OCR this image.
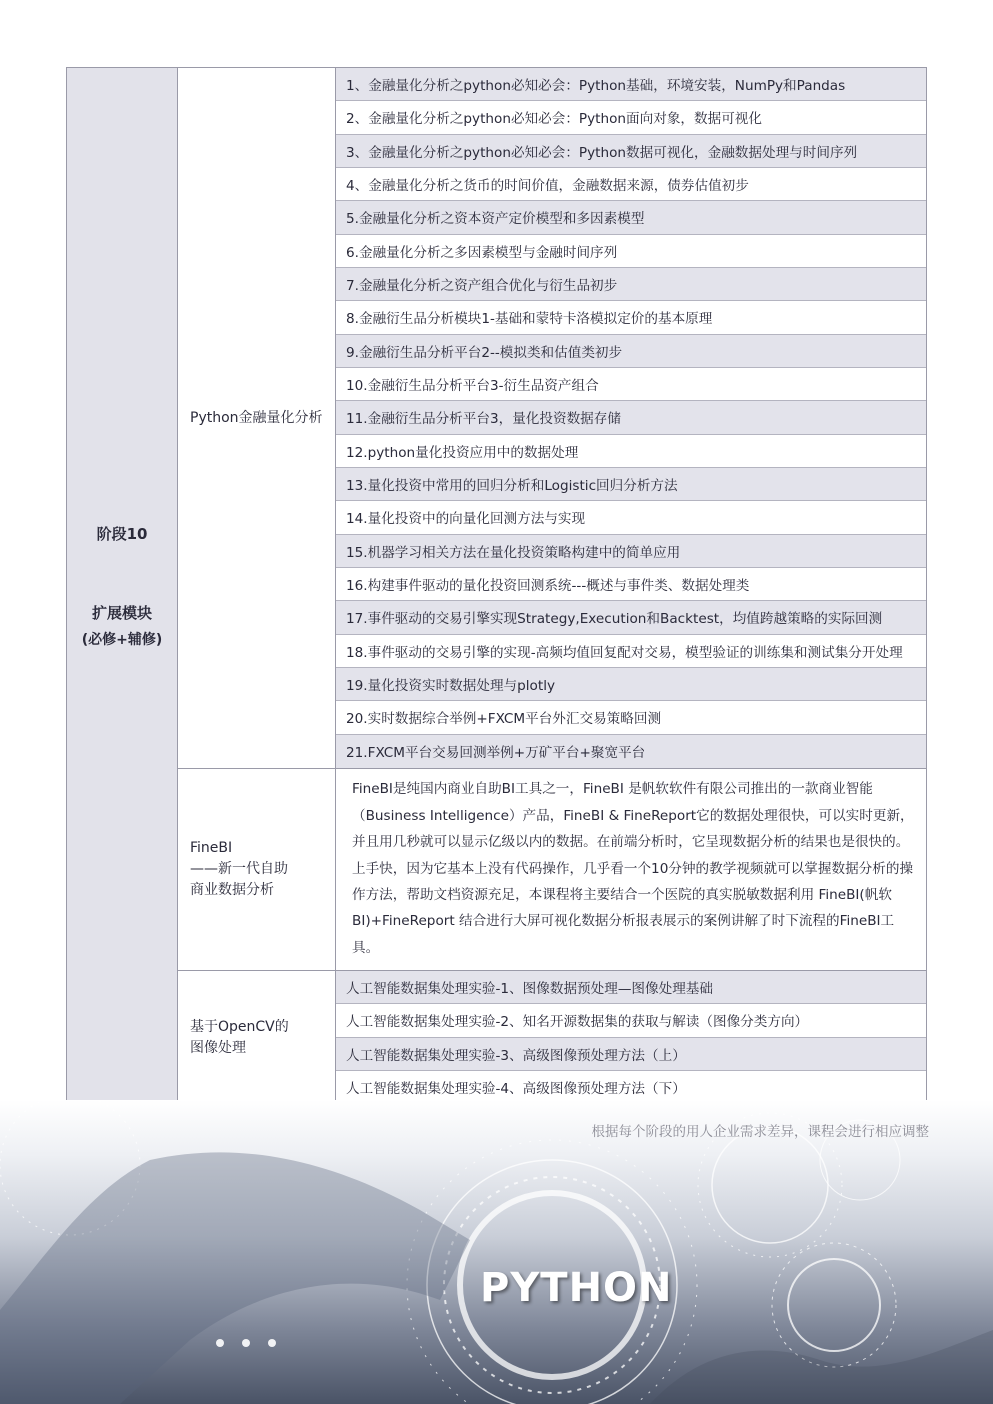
阶段10
扩展模块
(必修+辅修)
Python金融量化分析
1、金融量化分析之python必知必会：Python基础，环境安装，NumPy和Pandas
2、金融量化分析之python必知必会：Python面向对象，数据可视化
3、金融量化分析之python必知必会：Python数据可视化，金融数据处理与时间序列
4、金融量化分析之货币的时间价值，金融数据来源，债券估值初步
5.金融量化分析之资本资产定价模型和多因素模型
6.金融量化分析之多因素模型与金融时间序列
7.金融量化分析之资产组合优化与衍生品初步
8.金融衍生品分析模块1-基础和蒙特卡洛模拟定价的基本原理
9.金融衍生品分析平台2--模拟类和估值类初步
10.金融衍生品分析平台3-衍生品资产组合
11.金融衍生品分析平台3，量化投资数据存储
12.python量化投资应用中的数据处理
13.量化投资中常用的回归分析和Logistic回归分析方法
14.量化投资中的向量化回测方法与实现
15.机器学习相关方法在量化投资策略构建中的简单应用
16.构建事件驱动的量化投资回测系统---概述与事件类、数据处理类
17.事件驱动的交易引擎实现Strategy,Execution和Backtest，均值跨越策略的实际回测
18.事件驱动的交易引擎的实现-高频均值回复配对交易，模型验证的训练集和测试集分开处理
19.量化投资实时数据处理与plotly
20.实时数据综合举例+FXCM平台外汇交易策略回测
21.FXCM平台交易回测举例+万矿平台+聚宽平台
FineBI
——新一代自助
商业数据分析
FineBI是纯国内商业自助BI工具之一，FineBI 是帆软软件有限公司推出的一款商业智能（Business Intelligence）产品，FineBI & FineReport它的数据处理很快，可以实时更新，并且用几秒就可以显示亿级以内的数据。在前端分析时，它呈现数据分析的结果也是很快的。上手快，因为它基本上没有代码操作，几乎看一个10分钟的教学视频就可以掌握数据分析的操作方法，帮助文档资源充足，本课程将主要结合一个医院的真实脱敏数据利用 FineBI(帆软BI)+FineReport 结合进行大屏可视化数据分析报表展示的案例讲解了时下流程的FineBI工具。
基于OpenCV的
图像处理
人工智能数据集处理实验-1、图像数据预处理—图像处理基础
人工智能数据集处理实验-2、知名开源数据集的获取与解读（图像分类方向）
人工智能数据集处理实验-3、高级图像预处理方法（上）
人工智能数据集处理实验-4、高级图像预处理方法（下）
PYTHON
根据每个阶段的用人企业需求差异，课程会进行相应调整
